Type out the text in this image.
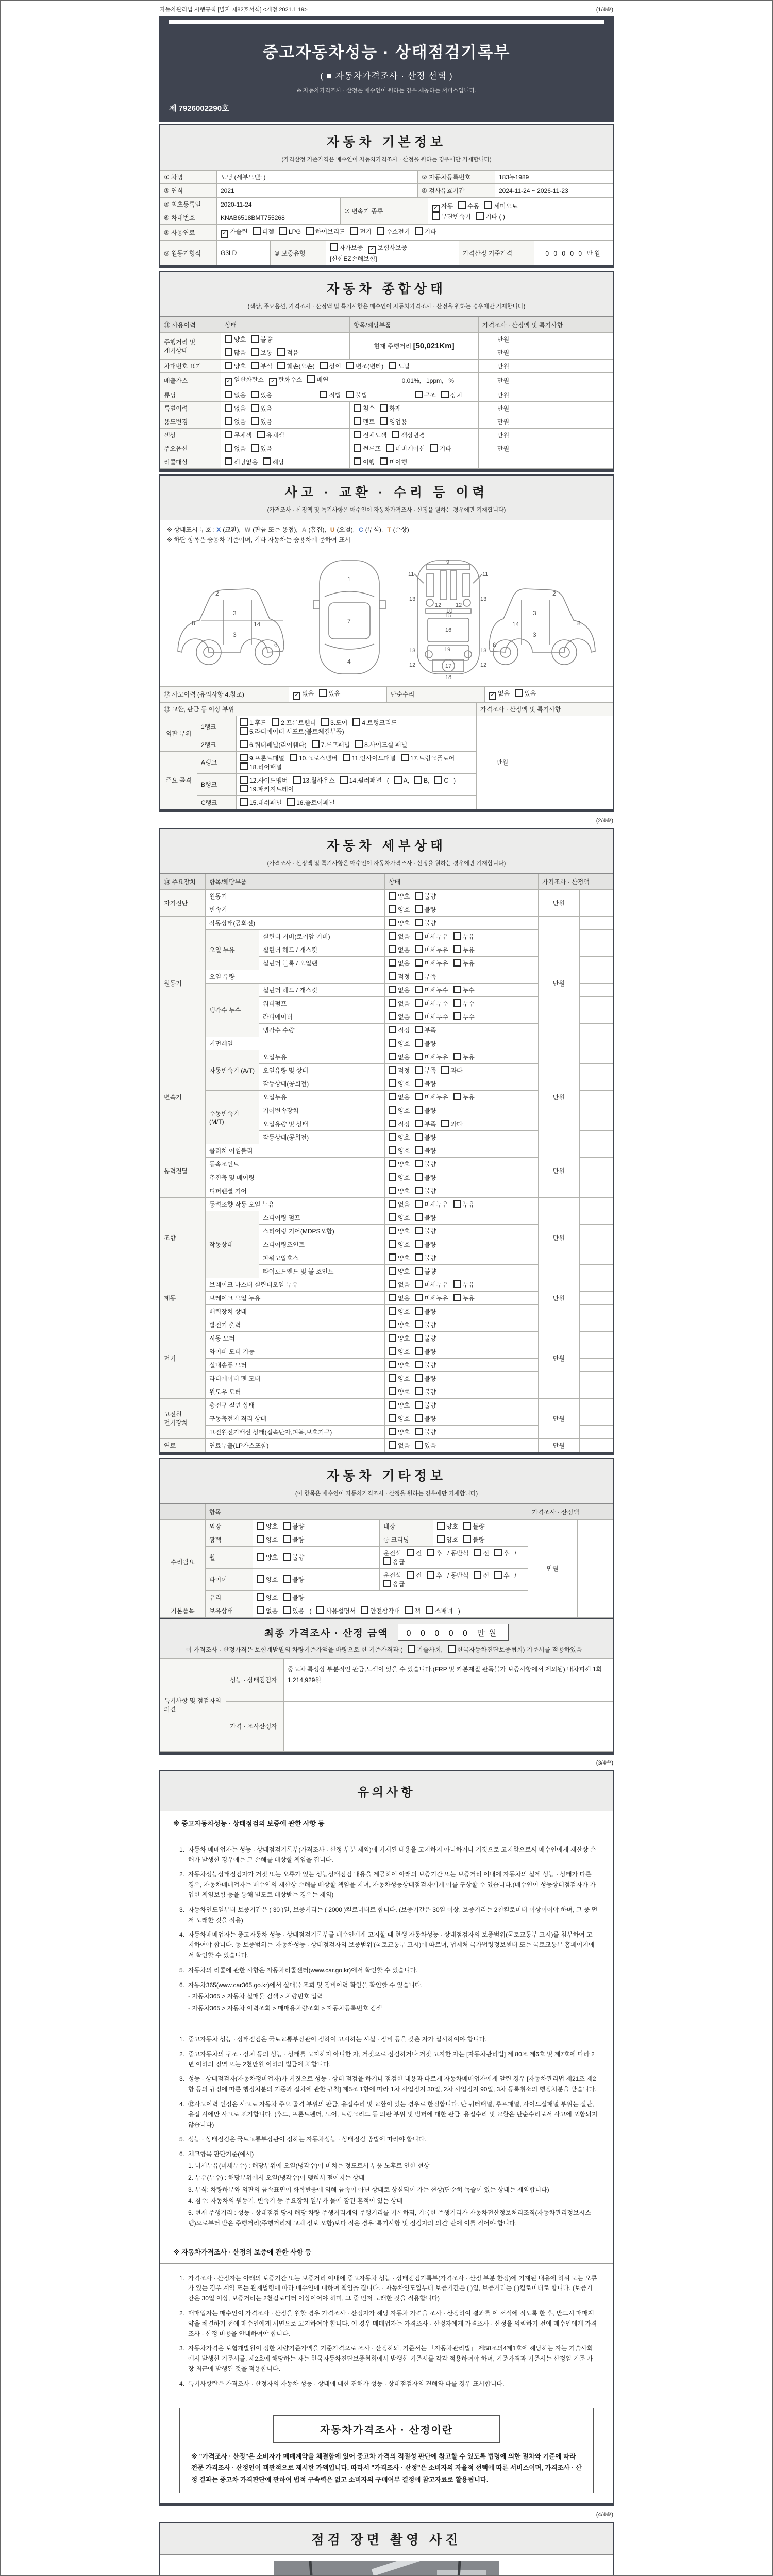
자동차관리법 시행규칙 [별지 제82호서식] <개정 2021.1.19>	(1/4쪽)
중고자동차성능 · 상태점검기록부
( ■ 자동차가격조사 · 산정 선택 )
※ 자동차가격조사 · 산정은 매수인이 원하는 경우 제공하는 서비스입니다.
제 7926002290호
자동차 기본정보
(가격산정 기준가격은 매수인이 자동차가격조사 · 산정을 원하는 경우에만 기재합니다)
① 차명	모닝 (세부모델: )	② 자동차등록번호	183누1989
③ 연식	2021	④ 검사유효기간	2024-11-24 ~ 2026-11-23
⑤ 최초등록일	2020-11-24	⑦ 변속기 종류	✓ 자동 수동 세미오토
무단변속기 기타 ( )
⑥ 차대번호	KNAB6518BMT755268		
⑧ 사용연료	✓ 가솔린 디젤 LPG 하이브리드 전기 수소전기 기타
⑨ 원동기형식	G3LD	⑩ 보증유형	자가보증 ✓ 보험사보증[신한EZ손해보험]	가격산정 기준가격	0 0 0 0 0 만원
자동차 종합상태
(색상, 주요옵션, 가격조사 · 산정액 및 특기사항은 매수인이 자동차가격조사 · 산정을 원하는 경우에만 기재합니다)
⑪ 사용이력	상태	항목/해당부품	가격조사 · 산정액 및 특기사항	
주행거리 및 계기상태	양호 불량	현재 주행거리 [50,021Km]	만원	
	많음 보통 적음		만원	
차대번호 표기	양호 부식 훼손(오손) 상이 변조(변타) 도말		만원	
배출가스	✓ 일산화탄소 ✓ 탄화수소 매연 0.01%, 1ppm, %		만원	
튜닝	없음 있음 적법 불법 구조 장치		만원	
특별이력	없음 있음	침수 화재	만원	
용도변경	없음 있음	렌트 영업용	만원	
색상	무채색 유채색	전체도색 색상변경	만원	
주요옵션	없음 있음	썬루프 네비게이션 기타	만원	
리콜대상	해당없음 해당	이행 미이행		
사고 · 교환 · 수리 등 이력
(가격조사 · 산정액 및 특기사항은 매수인이 자동차가격조사 · 산정을 원하는 경우에만 기재합니다)
※ 상태표시 부호 : X (교환), W (판금 또는 용접), A (흠집), U (요철), C (부식), T (손상)
※ 하단 항목은 승용차 기준이며, 기타 자동차는 승용차에 준하여 표시
2
8
3
3
14
6
1
7
4
9
11	11
13	13
12	12
10
15
16
13	13
19
17
12	12
18
2
8
3
3
14
6
⑫ 사고이력 (유의사항 4.참조)	✓ 없음 있음	단순수리	✓ 없음 있음
⑬ 교환, 판금 등 이상 부위			가격조사 · 산정액 및 특기사항	
외판 부위	1랭크	1.후드 2.프론트휀더 3.도어 4.트렁크리드
5.라디에이터 서포트(볼트체결부품)	만원	
	2랭크	6.쿼터패널(리어휀다) 7.루프패널 8.사이드실 패널		
주요 골격	A랭크	9.프론트패널 10.크로스멤버 11.인사이드패널 17.트렁크플로어
18.리어패널		
	B랭크	12.사이드멤버 13.휠하우스 14.필러패널 ( A, B, C )
19.패키지트레이		
	C랭크	15.대쉬패널 16.플로어패널		
(2/4쪽)
자동차 세부상태
(가격조사 · 산정액 및 특기사항은 매수인이 자동차가격조사 · 산정을 원하는 경우에만 기재합니다)
⑭ 주요장치	항목/해당부품		상태	가격조사 · 산정액	
자기진단	원동기		양호 불량	만원	
	변속기		양호 불량		
원동기	작동상태(공회전)		양호 불량	만원	
	오일 누유	실린더 커버(로커암 커버)	없음 미세누유 누유		
		실린더 헤드 / 개스킷	없음 미세누유 누유		
		실린더 블록 / 오일팬	없음 미세누유 누유		
	오일 유량		적정 부족		
	냉각수 누수	실린더 헤드 / 개스킷	없음 미세누수 누수		
		워터펌프	없음 미세누수 누수		
		라디에이터	없음 미세누수 누수		
		냉각수 수량	적정 부족		
	커먼레일		양호 불량		
변속기	자동변속기 (A/T)	오일누유	없음 미세누유 누유	만원	
		오일유량 및 상태	적정 부족 과다		
		작동상태(공회전)	양호 불량		
	수동변속기 (M/T)	오일누유	없음 미세누유 누유		
		기어변속장치	양호 불량		
		오일유량 및 상태	적정 부족 과다		
		작동상태(공회전)	양호 불량		
동력전달	클러치 어셈블리		양호 불량	만원	
	등속조인트		양호 불량		
	추진축 및 베어링		양호 불량		
	디퍼렌셜 기어		양호 불량		
조향	동력조향 작동 오일 누유		없음 미세누유 누유	만원	
	작동상태	스티어링 펌프	양호 불량		
		스티어링 기어(MDPS포함)	양호 불량		
		스티어링조인트	양호 불량		
		파워고압호스	양호 불량		
		타이로드엔드 및 볼 조인트	양호 불량		
제동	브레이크 마스터 실린더오일 누유		없음 미세누유 누유	만원	
	브레이크 오일 누유		없음 미세누유 누유		
	배력장치 상태		양호 불량		
전기	발전기 출력		양호 불량	만원	
	시동 모터		양호 불량		
	와이퍼 모터 기능		양호 불량		
	실내송풍 모터		양호 불량		
	라디에이터 팬 모터		양호 불량		
	윈도우 모터		양호 불량		
고전원 전기장치	충전구 절연 상태		양호 불량	만원	
	구동축전지 격리 상태		양호 불량		
	고전원전기배선 상태(접속단자,피복,보호기구)		양호 불량		
연료	연료누출(LP가스포함)		없음 있음	만원	
자동차 기타정보
(이 항목은 매수인이 자동차가격조사 · 산정을 원하는 경우에만 기재합니다)
	항목				가격조사 · 산정액	
수리필요	외장	양호 불량	내장	양호 불량	만원	
	광택	양호 불량	룸 크리닝	양호 불량		
	휠	양호 불량	운전석 전 후 / 동반석 전 후 /응급			
	타이어	양호 불량	운전석 전 후 / 동반석 전 후 /응급			
	유리	양호 불량				
기본품목	보유상태	없음 있음 ( 사용설명서 안전삼각대 잭 스패너 )				
최종 가격조사 · 산정 금액	0 0 0 0 0 만원
이 가격조사 · 산정가격은 보험개발원의 차량기준가액을 바탕으로 한 기준가격과 ( 기술사회, 한국자동차진단보증협회) 기준서를 적용하였음
특기사항 및 점검자의 의견	성능 · 상태점검자	중고차 특성상 부분적인 판금,도색이 있을 수 있습니다.(FRP 및 카본재질 판독불가 보증사항에서 제외됨),내차피해 1회 1,214,929원
	가격 · 조사산정자	
(3/4쪽)
유의사항
※ 중고자동차성능 · 상태점검의 보증에 관한 사항 등
1. 자동차 매매업자는 성능 · 상태점검기록부(가격조사 · 산정 부분 제외)에 기재된 내용을 고지하지 아니하거나 거짓으로 고지함으로써 매수인에게 재산상 손해가 발생한 경우에는 그 손해를 배상할 책임을 집니다.
2. 자동차성능상태점검자가 거짓 또는 오류가 있는 성능상태점검 내용을 제공하여 아래의 보증기간 또는 보증거리 이내에 자동차의 실제 성능 · 상태가 다른 경우, 자동차매매업자는 매수인의 재산상 손해를 배상할 책임을 지며, 자동차성능상태점검자에게 이를 구상할 수 있습니다.(매수인이 성능상태점검자가 가입한 책임보험 등을 통해 별도로 배상받는 경우는 제외)
3. 자동차인도일부터 보증기간은 ( 30 )일, 보증거리는 ( 2000 )킬로미터로 합니다. (보증기간은 30일 이상, 보증거리는 2천킬로미터 이상이어야 하며, 그 중 먼저 도래한 것을 적용)
4. 자동차매매업자는 중고자동차 성능 · 상태점검기록부를 매수인에게 고지할 때 현행 자동차성능 · 상태점검자의 보증범위(국토교통부 고시)를 첨부하여 고지하여야 합니다. 동 보증범위는 '자동차성능 · 상태점검자의 보증범위'(국토교통부 고시)에 따르며, 법제처 국가법령정보센터 또는 국토교통부 홈페이지에서 확인할 수 있습니다.
5. 자동차의 리콜에 관한 사항은 자동차리콜센터(www.car.go.kr)에서 확인할 수 있습니다.
6. 자동차365(www.car365.go.kr)에서 실매물 조회 및 정비이력 확인을 확인할 수 있습니다.
- 자동차365 > 자동차 실매물 검색 > 차량번호 입력
- 자동차365 > 자동차 이력조회 > 매매용차량조회 > 자동차등록번호 검색
1. 중고자동차 성능 · 상태점검은 국토교통부장관이 정하여 고시하는 시설 · 장비 등을 갖춘 자가 실시하여야 합니다.
2. 중고자동차의 구조 · 장치 등의 성능 · 상태를 고지하지 아니한 자, 거짓으로 점검하거나 거짓 고지한 자는 [자동차관리법] 제 80조 제6호 및 제7호에 따라 2년 이하의 징역 또는 2천만원 이하의 벌금에 처합니다.
3. 성능 · 상태점검자(자동차정비업자)가 거짓으로 성능 · 상태 점검을 하거나 점검한 내용과 다르게 자동차매매업자에게 알린 경우 [자동차관리법 제21조 제2항 등의 규정에 따른 행정처분의 기준과 절차에 관한 규칙] 제5조 1항에 따라 1차 사업정지 30일, 2차 사업정지 90일, 3차 등록취소의 행정처분을 받습니다.
4. ⑫사고이력 인정은 사고로 자동차 주요 골격 부위의 판금, 용접수리 및 교환이 있는 경우로 한정합니다. 단 쿼터패널, 루프패널, 사이드실패널 부위는 절단, 용접 시에만 사고로 표기합니다. (후드, 프론트펜더, 도어, 트렁크리드 등 외판 부위 및 범퍼에 대한 판금, 용접수리 및 교환은 단순수리로서 사고에 포함되지 않습니다)
5. 성능 · 상태점검은 국토교통부장관이 정하는 자동차성능 · 상태점검 방법에 따라야 합니다.
6. 체크항목 판단기준(예시)
1. 미세누유(미세누수) : 해당부위에 오일(냉각수)이 비치는 정도로서 부품 노후로 인한 현상
2. 누유(누수) : 해당부위에서 오일(냉각수)이 맺혀서 떨어지는 상태
3. 부식: 차량하부와 외판의 금속표면이 화학반응에 의해 금속이 아닌 상태로 상실되어 가는 현상(단순히 녹슬어 있는 상태는 제외합니다)
4. 침수: 자동차의 원동기, 변속기 등 주요장치 일부가 물에 잠긴 흔적이 있는 상태
5. 현재 주행거리 : 성능 · 상태점검 당시 해당 차량 주행거리계의 주행거리를 기록하되, 기록한 주행거리가 자동차전산정보처리조직(자동차관리정보시스템)으로부터 받은 주행거리(주행거리계 교체 정보 포함)보다 적은 경우 '특기사항 및 점검자의 의견' 란에 이를 적어야 합니다.
※ 자동차가격조사 · 산정의 보증에 관한 사항 등
1. 가격조사 · 산정자는 아래의 보증기간 또는 보증거리 이내에 중고자동차 성능 · 상태점검기록부(가격조사 · 산정 부분 한정)에 기재된 내용에 허위 또는 오류가 있는 경우 계약 또는 관계법령에 따라 매수인에 대하여 책임을 집니다. · 자동차인도일부터 보증기간은 ( )일, 보증거리는 ( )킬로미터로 합니다. (보증기간은 30일 이상, 보증거리는 2천킬로미터 이상이어야 하며, 그 중 먼저 도래한 것을 적용합니다)
2. 매매업자는 매수인이 가격조사 · 산정을 원할 경우 가격조사 · 산정자가 해당 자동차 가격을 조사 · 산정하여 결과를 이 서식에 적도록 한 후, 반드시 매매계약을 체결하기 전에 매수인에게 서면으로 고지하여야 합니다. 이 경우 매매업자는 가격조사 · 산정자에게 가격조사 · 산정을 의뢰하기 전에 매수인에게 가격조사 · 산정 비용을 안내하여야 합니다.
3. 자동차가격은 보험개발원이 정한 차량기준가액을 기준가격으로 조사 · 산정하되, 기준서는 「자동차관리법」 제58조의4제1호에 해당하는 자는 기술사회에서 발행한 기준서를, 제2호에 해당하는 자는 한국자동차진단보증협회에서 발행한 기준서를 각각 적용하여야 하며, 기준가격과 기준서는 산정일 기준 가장 최근에 발행된 것을 적용합니다.
4. 특기사항란은 가격조사 · 산정자의 자동차 성능 · 상태에 대한 견해가 성능 · 상태점검자의 견해와 다를 경우 표시합니다.
자동차가격조사 · 산정이란
※ "가격조사 · 산정"은 소비자가 매매계약을 체결함에 있어 중고차 가격의 적절성 판단에 참고할 수 있도록 법령에 의한 절차와 기준에 따라 전문 가격조사 · 산정인이 객관적으로 제시한 가액입니다. 따라서 "가격조사 · 산정"은 소비자의 자율적 선택에 따른 서비스이며, 가격조사 · 산정 결과는 중고차 가격판단에 관하여 법적 구속력은 없고 소비자의 구매여부 결정에 참고자료로 활용됩니다.
(4/4쪽)
점검 장면 촬영 사진
